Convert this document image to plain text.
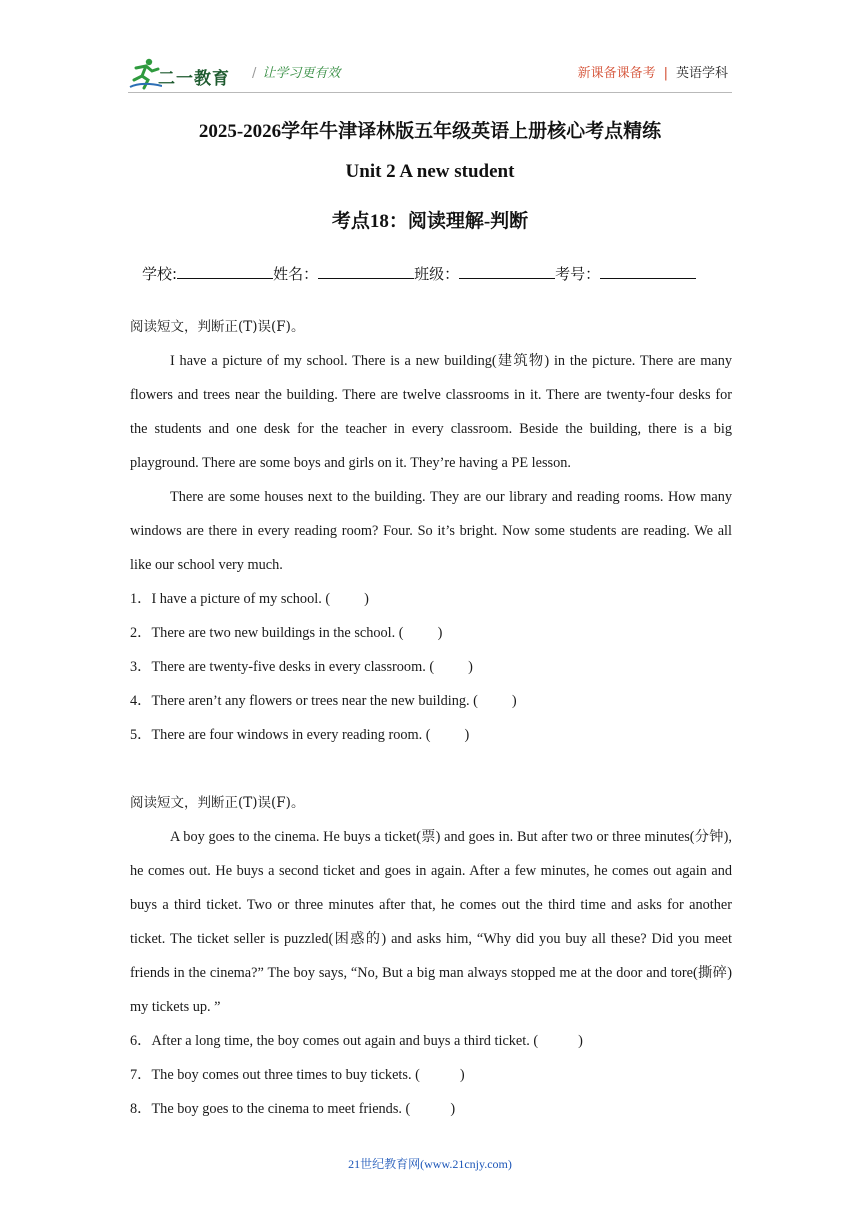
二一教育 / 让学习更有效	新课备课备考 | 英语学科
2025-2026学年牛津译林版五年级英语上册核心考点精练
Unit 2 A new student
考点18：阅读理解-判断
学校:	姓名：	班级：	考号：
阅读短文，判断正(T)误(F)。

I have a picture of my school. There is a new building(建筑物) in the picture. There are many flowers and trees near the building. There are twelve classrooms in it. There are twenty-four desks for the students and one desk for the teacher in every classroom. Beside the building, there is a big playground. There are some boys and girls on it. They’re having a PE lesson.

There are some houses next to the building. They are our library and reading rooms. How many windows are there in every reading room? Four. So it’s bright. Now some students are reading. We all like our school very much.

1．I have a picture of my school. ( )
2．There are two new buildings in the school. ( )
3．There are twenty-five desks in every classroom. ( )
4．There aren’t any flowers or trees near the new building. ( )
5．There are four windows in every reading room. ( )
阅读短文，判断正(T)误(F)。

A boy goes to the cinema. He buys a ticket(票) and goes in. But after two or three minutes(分钟), he comes out. He buys a second ticket and goes in again. After a few minutes, he comes out again and buys a third ticket. Two or three minutes after that, he comes out the third time and asks for another ticket. The ticket seller is puzzled(困惑的) and asks him, “Why did you buy all these? Did you meet friends in the cinema?” The boy says, “No, But a big man always stopped me at the door and tore(撕碎) my tickets up. ”

6．After a long time, the boy comes out again and buys a third ticket. (	)
7．The boy comes out three times to buy tickets. (	)
8．The boy goes to the cinema to meet friends. (	)
21世纪教育网(www.21cnjy.com)
